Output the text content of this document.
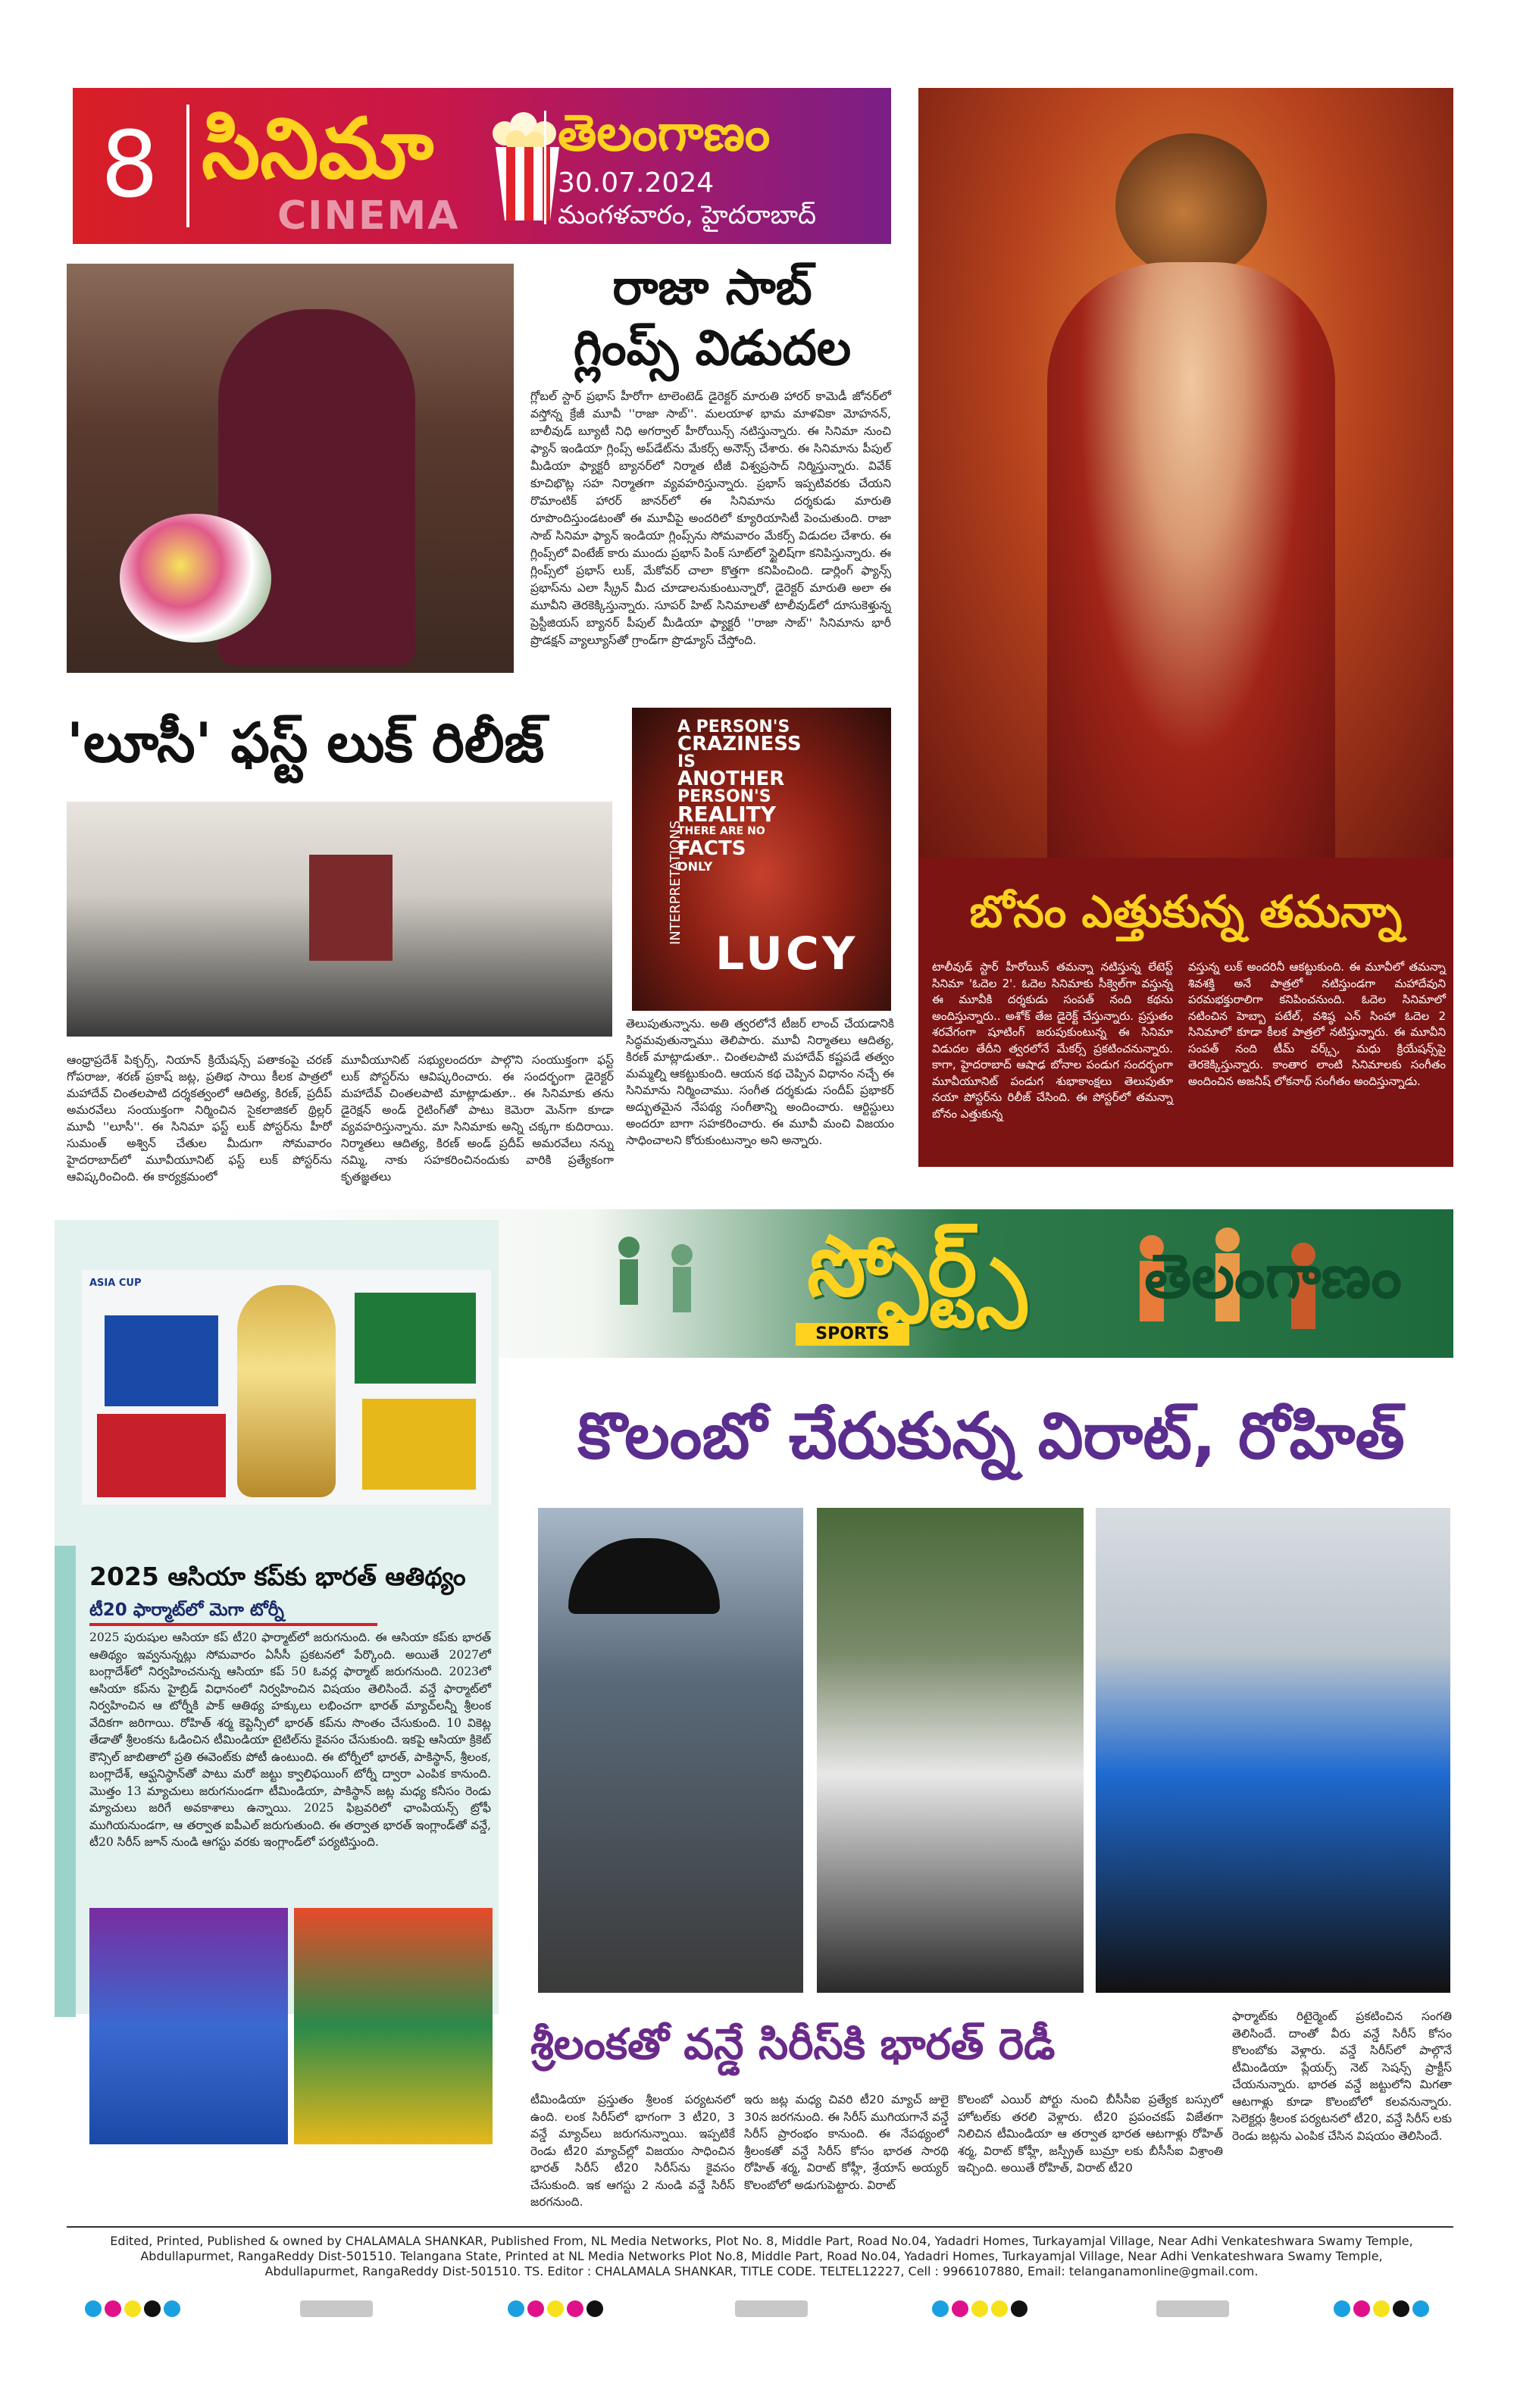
8 సినిమా
CINEMA
తెలంగాణం
30.07.2024
మంగళవారం, హైదరాబాద్
రాజా సాబ్
గ్లింప్స్ విడుదల
గ్లోబల్ స్టార్ ప్రభాస్ హీరోగా టాలెంటెడ్ డైరెక్టర్ మారుతి హారర్ కామెడీ జోనర్‌లో వస్తోన్న క్రేజీ మూవీ ''రాజా సాబ్''. మలయాళ భామ మాళవికా మోహనన్, బాలీవుడ్ బ్యూటీ నిధి అగర్వాల్ హీరోయిన్స్ నటిస్తున్నారు. ఈ సినిమా నుంచి ఫ్యాన్ ఇండియా గ్లింప్స్ అప్‌డేట్‌ను మేకర్స్ అనౌన్స్ చేశారు. ఈ సినిమాను పీపుల్ మీడియా ఫ్యాక్టరీ బ్యానర్‌లో నిర్మాత టీజీ విశ్వప్రసాద్ నిర్మిస్తున్నారు. వివేక్ కూచిభొట్ల సహ నిర్మాతగా వ్యవహరిస్తున్నారు. ప్రభాస్ ఇప్పటివరకు చేయని రొమాంటిక్ హారర్ జానర్‌లో ఈ సినిమాను దర్శకుడు మారుతి రూపొందిస్తుండటంతో ఈ మూవీపై అందరిలో క్యూరియాసిటీ పెంచుతుంది. రాజా సాబ్ సినిమా ఫ్యాన్ ఇండియా గ్లింప్స్‌ను సోమవారం మేకర్స్ విడుదల చేశారు. ఈ గ్లింప్స్‌లో వింటేజ్ కారు ముందు ప్రభాస్ పింక్ సూట్‌లో స్టైలిష్‌గా కనిపిస్తున్నారు. ఈ గ్లింప్స్‌లో ప్రభాస్ లుక్, మేకోవర్ చాలా కొత్తగా కనిపించింది. డార్లింగ్ ఫ్యాన్స్ ప్రభాస్‌ను ఎలా స్క్రీన్ మీద చూడాలనుకుంటున్నారో, డైరెక్టర్ మారుతి అలా ఈ మూవీని తెరకెక్కిస్తున్నారు. సూపర్ హిట్ సినిమాలతో టాలీవుడ్‌లో దూసుకెళ్తున్న ప్రెస్టీజియస్ బ్యానర్ పీపుల్ మీడియా ఫ్యాక్టరీ ''రాజా సాబ్'' సినిమాను భారీ ప్రొడక్షన్ వ్యాల్యూస్‌తో గ్రాండ్‌గా ప్రొడ్యూస్ చేస్తోంది.
'లూసీ' ఫస్ట్ లుక్ రిలీజ్	A PERSON'S
CRAZINESS
IS
ANOTHER
PERSON'S
REALITY
THERE ARE NO
FACTS
ONLY
INTERPRETATIONS
LUCY
ఆంధ్రాప్రదేశ్ పిక్చర్స్, నియాన్ క్రియేషన్స్ పతాకంపై చరణ్ గోపరాజు, శరణ్ ప్రకాష్ జట్ల, ప్రతిభ సాయి కీలక పాత్రలో మహాదేవ్ చింతలపాటి దర్శకత్వంలో ఆదిత్య, కిరణ్, ప్రదీప్ అమరవేలు సంయుక్తంగా నిర్మించిన సైకలాజికల్ థ్రిల్లర్ మూవీ ''లూసీ''. ఈ సినిమా ఫస్ట్ లుక్ పోస్టర్‌ను హీరో సుమంత్ అశ్విన్ చేతుల మీదుగా సోమవారం హైదరాబాద్‌లో మూవీయూనిట్ ఫస్ట్ లుక్ పోస్టర్‌ను ఆవిష్కరించింది. ఈ కార్యక్రమంలో
మూవీయూనిట్ సభ్యులందరూ పాల్గొని సంయుక్తంగా ఫస్ట్ లుక్ పోస్టర్‌ను ఆవిష్కరించారు. ఈ సందర్భంగా డైరెక్టర్ మహాదేవ్ చింతలపాటి మాట్లాడుతూ.. ఈ సినిమాకు తను డైరెక్షన్ అండ్ రైటింగ్‌తో పాటు కెమెరా మెన్‌గా కూడా వ్యవహరిస్తున్నాను. మా సినిమాకు అన్ని చక్కగా కుదిరాయి. నిర్మాతలు ఆదిత్య, కిరణ్ అండ్ ప్రదీప్ అమరవేలు నన్ను నమ్మి, నాకు సహకరించినందుకు వారికి ప్రత్యేకంగా కృతజ్ఞతలు
తెలుపుతున్నాను. అతి త్వరలోనే టీజర్ లాంచ్ చేయడానికి సిద్ధమవుతున్నాము తెలిపారు. మూవీ నిర్మాతలు ఆదిత్య, కిరణ్ మాట్లాడుతూ.. చింతలపాటి మహాదేవ్ కష్టపడే తత్వం మమ్మల్ని ఆకట్టుకుంది. ఆయన కథ చెప్పిన విధానం నచ్చే ఈ సినిమాను నిర్మించాము. సంగీత దర్శకుడు సందీప్ ప్రభాకర్ అద్భుతమైన నేపథ్య సంగీతాన్ని అందించారు. ఆర్టిస్టులు అందరూ బాగా సహకరించారు. ఈ మూవీ మంచి విజయం సాధించాలని కోరుకుంటున్నాం అని అన్నారు.
బోనం ఎత్తుకున్న తమన్నా
టాలీవుడ్ స్టార్ హీరోయిన్ తమన్నా నటిస్తున్న లేటెస్ట్ సినిమా 'ఓదెల 2'. ఓదెల సినిమాకు సీక్వెల్‌గా వస్తున్న ఈ మూవీకి దర్శకుడు సంపత్ నంది కథను అందిస్తున్నారు.. అశోక్ తేజ డైరెక్ట్ చేస్తున్నారు. ప్రస్తుతం శరవేగంగా షూటింగ్ జరుపుకుంటున్న ఈ సినిమా విడుదల తేదీని త్వరలోనే మేకర్స్ ప్రకటించనున్నారు. కాగా, హైదరాబాద్ ఆషాఢ బోనాల పండుగ సందర్భంగా మూవీయూనిట్ పండుగ శుభాకాంక్షలు తెలుపుతూ నయా పోస్టర్‌ను రిలీజ్ చేసింది. ఈ పోస్టర్‌లో తమన్నా బోనం ఎత్తుకున్న
వస్తున్న లుక్ అందరినీ ఆకట్టుకుంది. ఈ మూవీలో తమన్నా శివశక్తి అనే పాత్రలో నటిస్తుండగా మహాదేవుని పరమభక్తురాలిగా కనిపించనుంది. ఓదెల సినిమాలో నటించిన హెబ్బా పటేల్, వశిష్ఠ ఎన్ సింహా ఓదెల 2 సినిమాలో కూడా కీలక పాత్రలో నటిస్తున్నారు. ఈ మూవీని సంపత్ నంది టీమ్ వర్క్స్, మధు క్రియేషన్స్‌పై తెరకెక్కిస్తున్నారు. కాంతార లాంటి సినిమాలకు సంగీతం అందించిన అజనీష్ లోకనాథ్ సంగీతం అందిస్తున్నాడు.
స్పోర్ట్స్
SPORTS
తెలంగాణం
ASIA CUP
2025 ఆసియా కప్‌కు భారత్ ఆతిథ్యం
టీ20 ఫార్మాట్‌లో మెగా టోర్నీ
2025 పురుషుల ఆసియా కప్ టీ20 ఫార్మాట్‌లో జరుగనుంది. ఈ ఆసియా కప్‌కు భారత్ ఆతిథ్యం ఇవ్వనున్నట్లు సోమవారం ఏసీసీ ప్రకటనలో పేర్కొంది. అయితే 2027లో బంగ్లాదేశ్‌లో నిర్వహించనున్న ఆసియా కప్ 50 ఓవర్ల ఫార్మాట్ జరుగనుంది. 2023లో ఆసియా కప్‌ను హైబ్రిడ్ విధానంలో నిర్వహించిన విషయం తెలిసిందే. వన్డే ఫార్మాట్‌లో నిర్వహించిన ఆ టోర్నీకి పాక్ ఆతిథ్య హక్కులు లభించగా భారత్ మ్యాచ్‌లన్నీ శ్రీలంక వేదికగా జరిగాయి. రోహిత్ శర్మ కెప్టెన్సీలో భారత్ కప్‌ను సొంతం చేసుకుంది. 10 వికెట్ల తేడాతో శ్రీలంకను ఓడించిన టీమిండియా టైటిల్‌ను కైవసం చేసుకుంది. ఇకపై ఆసియా క్రికెట్ కౌన్సిల్ జాబితాలో ప్రతి ఈవెంట్‌కు పోటీ ఉంటుంది. ఈ టోర్నీలో భారత్, పాకిస్థాన్, శ్రీలంక, బంగ్లాదేశ్, ఆఫ్ఘనిస్థాన్‌తో పాటు మరో జట్టు క్వాలిఫయింగ్ టోర్నీ ద్వారా ఎంపిక కానుంది. మొత్తం 13 మ్యాచులు జరుగనుండగా టీమిండియా, పాకిస్థాన్ జట్ల మధ్య కనీసం రెండు మ్యాచులు జరిగే అవకాశాలు ఉన్నాయి. 2025 ఫిబ్రవరిలో ఛాంపియన్స్ ట్రోఫీ ముగియనుండగా, ఆ తర్వాత ఐపీఎల్ జరుగుతుంది. ఈ తర్వాత భారత్ ఇంగ్లాండ్‌తో వన్డే, టీ20 సిరీస్ జూన్ నుండి ఆగస్టు వరకు ఇంగ్లాండ్‌లో పర్యటిస్తుంది.
కొలంబో చేరుకున్న విరాట్, రోహిత్
శ్రీలంకతో వన్డే సిరీస్‌కి భారత్ రెడీ
టీమిండియా ప్రస్తుతం శ్రీలంక పర్యటనలో ఉంది. లంక సిరీస్‌లో భాగంగా 3 టీ20, 3 వన్డే మ్యాచ్‌లు జరుగనున్నాయి. ఇప్పటికే రెండు టీ20 మ్యాచ్‌ల్లో విజయం సాధించిన భారత్ సిరీస్ టీ20 సిరీస్‌ను కైవసం చేసుకుంది. ఇక ఆగస్టు 2 నుండి వన్డే సిరీస్ జరగనుంది.
ఇరు జట్ల మధ్య చివరి టీ20 మ్యాచ్ జులై 30న జరగనుంది. ఈ సిరీస్ ముగియగానే వన్డే సిరీస్ ప్రారంభం కానుంది. ఈ నేపథ్యంలో శ్రీలంకతో వన్డే సిరీస్ కోసం భారత సారథి రోహిత్ శర్మ, విరాట్ కోహ్లీ, శ్రేయాస్ అయ్యర్ కొలంబోలో అడుగుపెట్టారు. విరాట్
కొలంబో ఎయిర్ పోర్టు నుంచి బీసీసీఐ ప్రత్యేక బస్సులో హోటల్‌కు తరలి వెళ్లారు. టీ20 ప్రపంచకప్ విజేతగా నిలిచిన టీమిండియా ఆ తర్వాత భారత ఆటగాళ్లు రోహిత్ శర్మ, విరాట్ కోహ్లీ, జస్ప్రీత్ బుమ్రా లకు బీసీసీఐ విశ్రాంతి ఇచ్చింది. అయితే రోహిత్, విరాట్ టీ20
ఫార్మాట్‌కు రిటైర్మెంట్ ప్రకటించిన సంగతి తెలిసిందే. దాంతో వీరు వన్డే సిరీస్ కోసం కొలంబోకు వెళ్లారు. వన్డే సిరీస్‌లో పాల్గొనే టీమిండియా ప్లేయర్స్ నెట్ సెషన్స్ ప్రాక్టీస్ చేయనున్నారు. భారత వన్డే జట్టులోని మిగతా ఆటగాళ్లు కూడా కొలంబోలో కలవనున్నారు. సెలెక్టర్లు శ్రీలంక పర్యటనలో టీ20, వన్డే సిరీస్ లకు రెండు జట్లను ఎంపిక చేసిన విషయం తెలిసిందే.
Edited, Printed, Published & owned by CHALAMALA SHANKAR, Published From, NL Media Networks, Plot No. 8, Middle Part, Road No.04, Yadadri Homes, Turkayamjal Village, Near Adhi Venkateshwara Swamy Temple, Abdullapurmet, RangaReddy Dist-501510. Telangana State, Printed at NL Media Networks Plot No.8, Middle Part, Road No.04, Yadadri Homes, Turkayamjal Village, Near Adhi Venkateshwara Swamy Temple, Abdullapurmet, RangaReddy Dist-501510. TS. Editor : CHALAMALA SHANKAR, TITLE CODE. TELTEL12227, Cell : 9966107880, Email: telanganamonline@gmail.com.
